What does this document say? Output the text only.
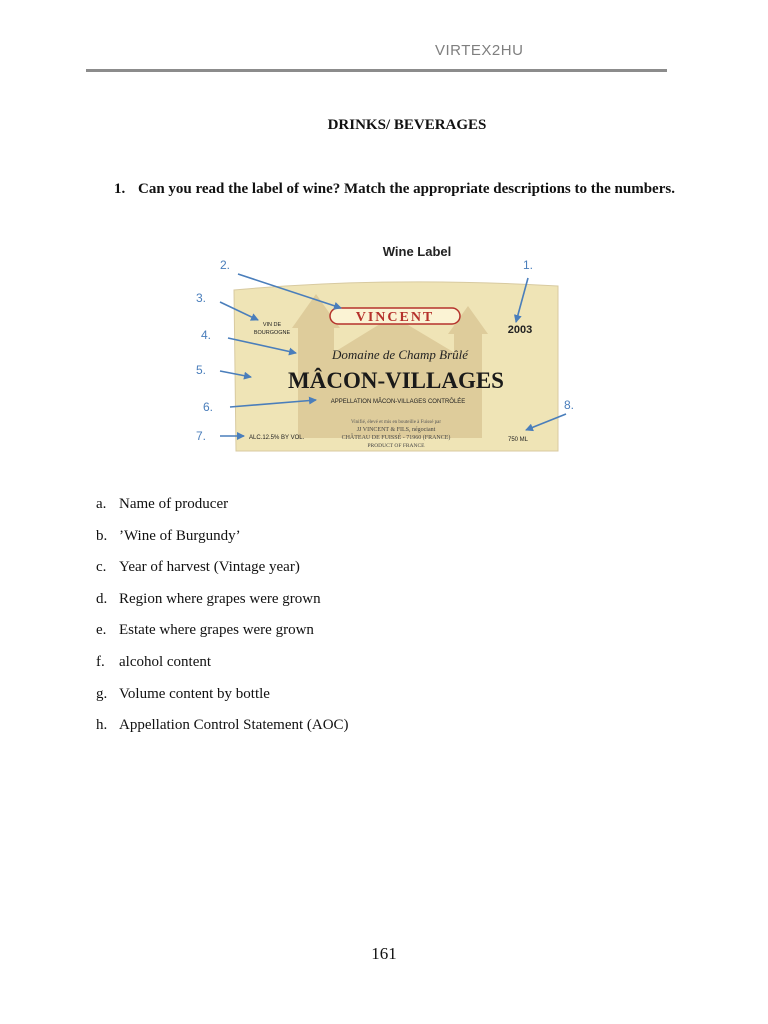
VIRTEX2HU
DRINKS/ BEVERAGES
1. Can you read the label of wine? Match the appropriate descriptions to the numbers.
Wine Label
VINCENT
2003
VIN DE
BOURGOGNE
Domaine de Champ Brûlé
MÂCON-VILLAGES
APPELLATION MÂCON-VILLAGES CONTRÔLÉE
Vinifié, élevé et mis en bouteille à Fuissé par
JJ VINCENT & FILS, négociant
CHÂTEAU DE FUISSÉ - 71960 (FRANCE)
PRODUCT OF FRANCE
ALC.12.5% BY VOL.	750 ML
1.
2.
3.
4.
5.
6.
7.
8.
a. Name of producer
b. ’Wine of Burgundy’
c. Year of harvest (Vintage year)
d. Region where grapes were grown
e. Estate where grapes were grown
f. alcohol content
g. Volume content by bottle
h. Appellation Control Statement (AOC)
161
